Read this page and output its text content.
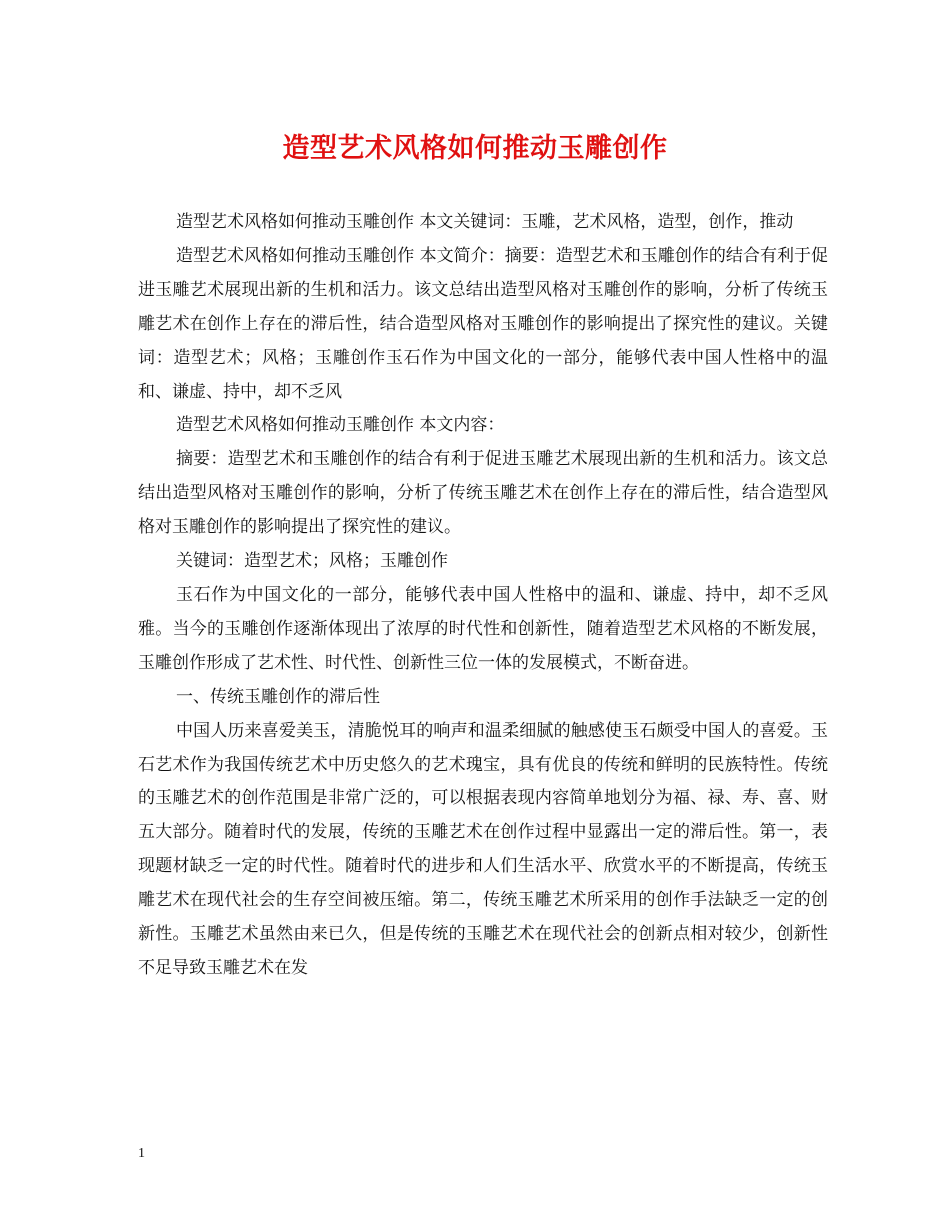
造型艺术风格如何推动玉雕创作

造型艺术风格如何推动玉雕创作 本文关键词：玉雕，艺术风格，造型，创作，推动

造型艺术风格如何推动玉雕创作 本文简介：摘要：造型艺术和玉雕创作的结合有利于促进玉雕艺术展现出新的生机和活力。该文总结出造型风格对玉雕创作的影响，分析了传统玉雕艺术在创作上存在的滞后性，结合造型风格对玉雕创作的影响提出了探究性的建议。关键词：造型艺术；风格；玉雕创作玉石作为中国文化的一部分，能够代表中国人性格中的温和、谦虚、持中，却不乏风

造型艺术风格如何推动玉雕创作 本文内容：

摘要：造型艺术和玉雕创作的结合有利于促进玉雕艺术展现出新的生机和活力。该文总结出造型风格对玉雕创作的影响，分析了传统玉雕艺术在创作上存在的滞后性，结合造型风格对玉雕创作的影响提出了探究性的建议。

关键词：造型艺术；风格；玉雕创作

玉石作为中国文化的一部分，能够代表中国人性格中的温和、谦虚、持中，却不乏风雅。当今的玉雕创作逐渐体现出了浓厚的时代性和创新性，随着造型艺术风格的不断发展，玉雕创作形成了艺术性、时代性、创新性三位一体的发展模式，不断奋进。

一、传统玉雕创作的滞后性

中国人历来喜爱美玉，清脆悦耳的响声和温柔细腻的触感使玉石颇受中国人的喜爱。玉石艺术作为我国传统艺术中历史悠久的艺术瑰宝，具有优良的传统和鲜明的民族特性。传统的玉雕艺术的创作范围是非常广泛的，可以根据表现内容简单地划分为福、禄、寿、喜、财五大部分。随着时代的发展，传统的玉雕艺术在创作过程中显露出一定的滞后性。第一，表现题材缺乏一定的时代性。随着时代的进步和人们生活水平、欣赏水平的不断提高，传统玉雕艺术在现代社会的生存空间被压缩。第二，传统玉雕艺术所采用的创作手法缺乏一定的创新性。玉雕艺术虽然由来已久，但是传统的玉雕艺术在现代社会的创新点相对较少，创新性不足导致玉雕艺术在发

1
